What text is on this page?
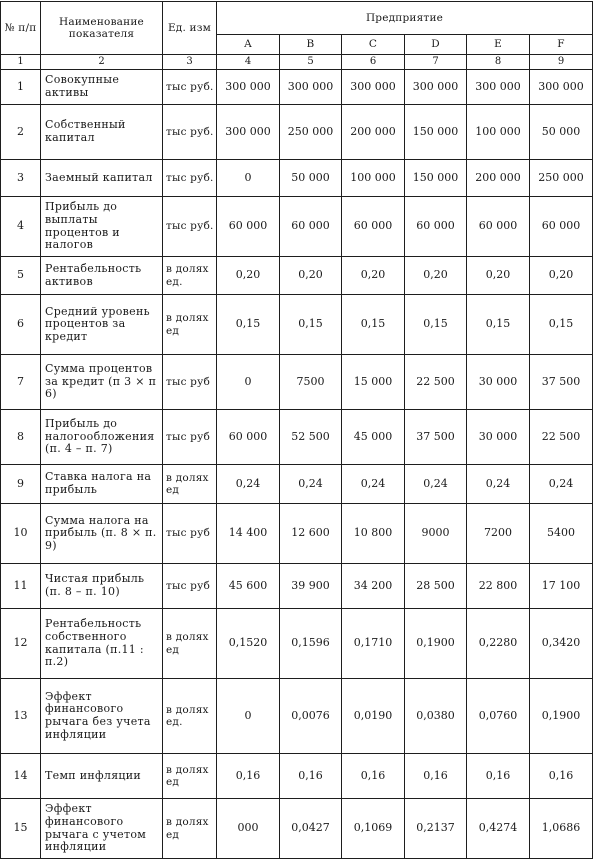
№ п/п	Наименование показателя	Ед. изм	Предприятие					
			A	B	C	D	E	F
1	2	3	4	5	6	7	8	9
1	Совокупные активы	тыс руб.	300 000	300 000	300 000	300 000	300 000	300 000
2	Собственный капитал	тыс руб.	300 000	250 000	200 000	150 000	100 000	50 000
3	Заемный капитал	тыс руб.	0	50 000	100 000	150 000	200 000	250 000
4	Прибыль до выплаты процентов и налогов	тыс руб.	60 000	60 000	60 000	60 000	60 000	60 000
5	Рентабельность активов	в долях ед.	0,20	0,20	0,20	0,20	0,20	0,20
6	Средний уровень процентов за кредит	в долях ед	0,15	0,15	0,15	0,15	0,15	0,15
7	Сумма процентов за кредит (п 3 × п 6)	тыс руб	0	7500	15 000	22 500	30 000	37 500
8	Прибыль до налогообложения (п. 4 – п. 7)	тыс руб	60 000	52 500	45 000	37 500	30 000	22 500
9	Ставка налога на прибыль	в долях ед	0,24	0,24	0,24	0,24	0,24	0,24
10	Сумма налога на прибыль (п. 8 × п. 9)	тыс руб	14 400	12 600	10 800	9000	7200	5400
11	Чистая прибыль (п. 8 – п. 10)	тыс руб	45 600	39 900	34 200	28 500	22 800	17 100
12	Рентабельность собственного капитала (п.11 : п.2)	в долях ед	0,1520	0,1596	0,1710	0,1900	0,2280	0,3420
13	Эффект финансового рычага без учета инфляции	в долях ед.	0	0,0076	0,0190	0,0380	0,0760	0,1900
14	Темп инфляции	в долях ед	0,16	0,16	0,16	0,16	0,16	0,16
15	Эффект финансового рычага с учетом инфляции	в долях ед	000	0,0427	0,1069	0,2137	0,4274	1,0686
